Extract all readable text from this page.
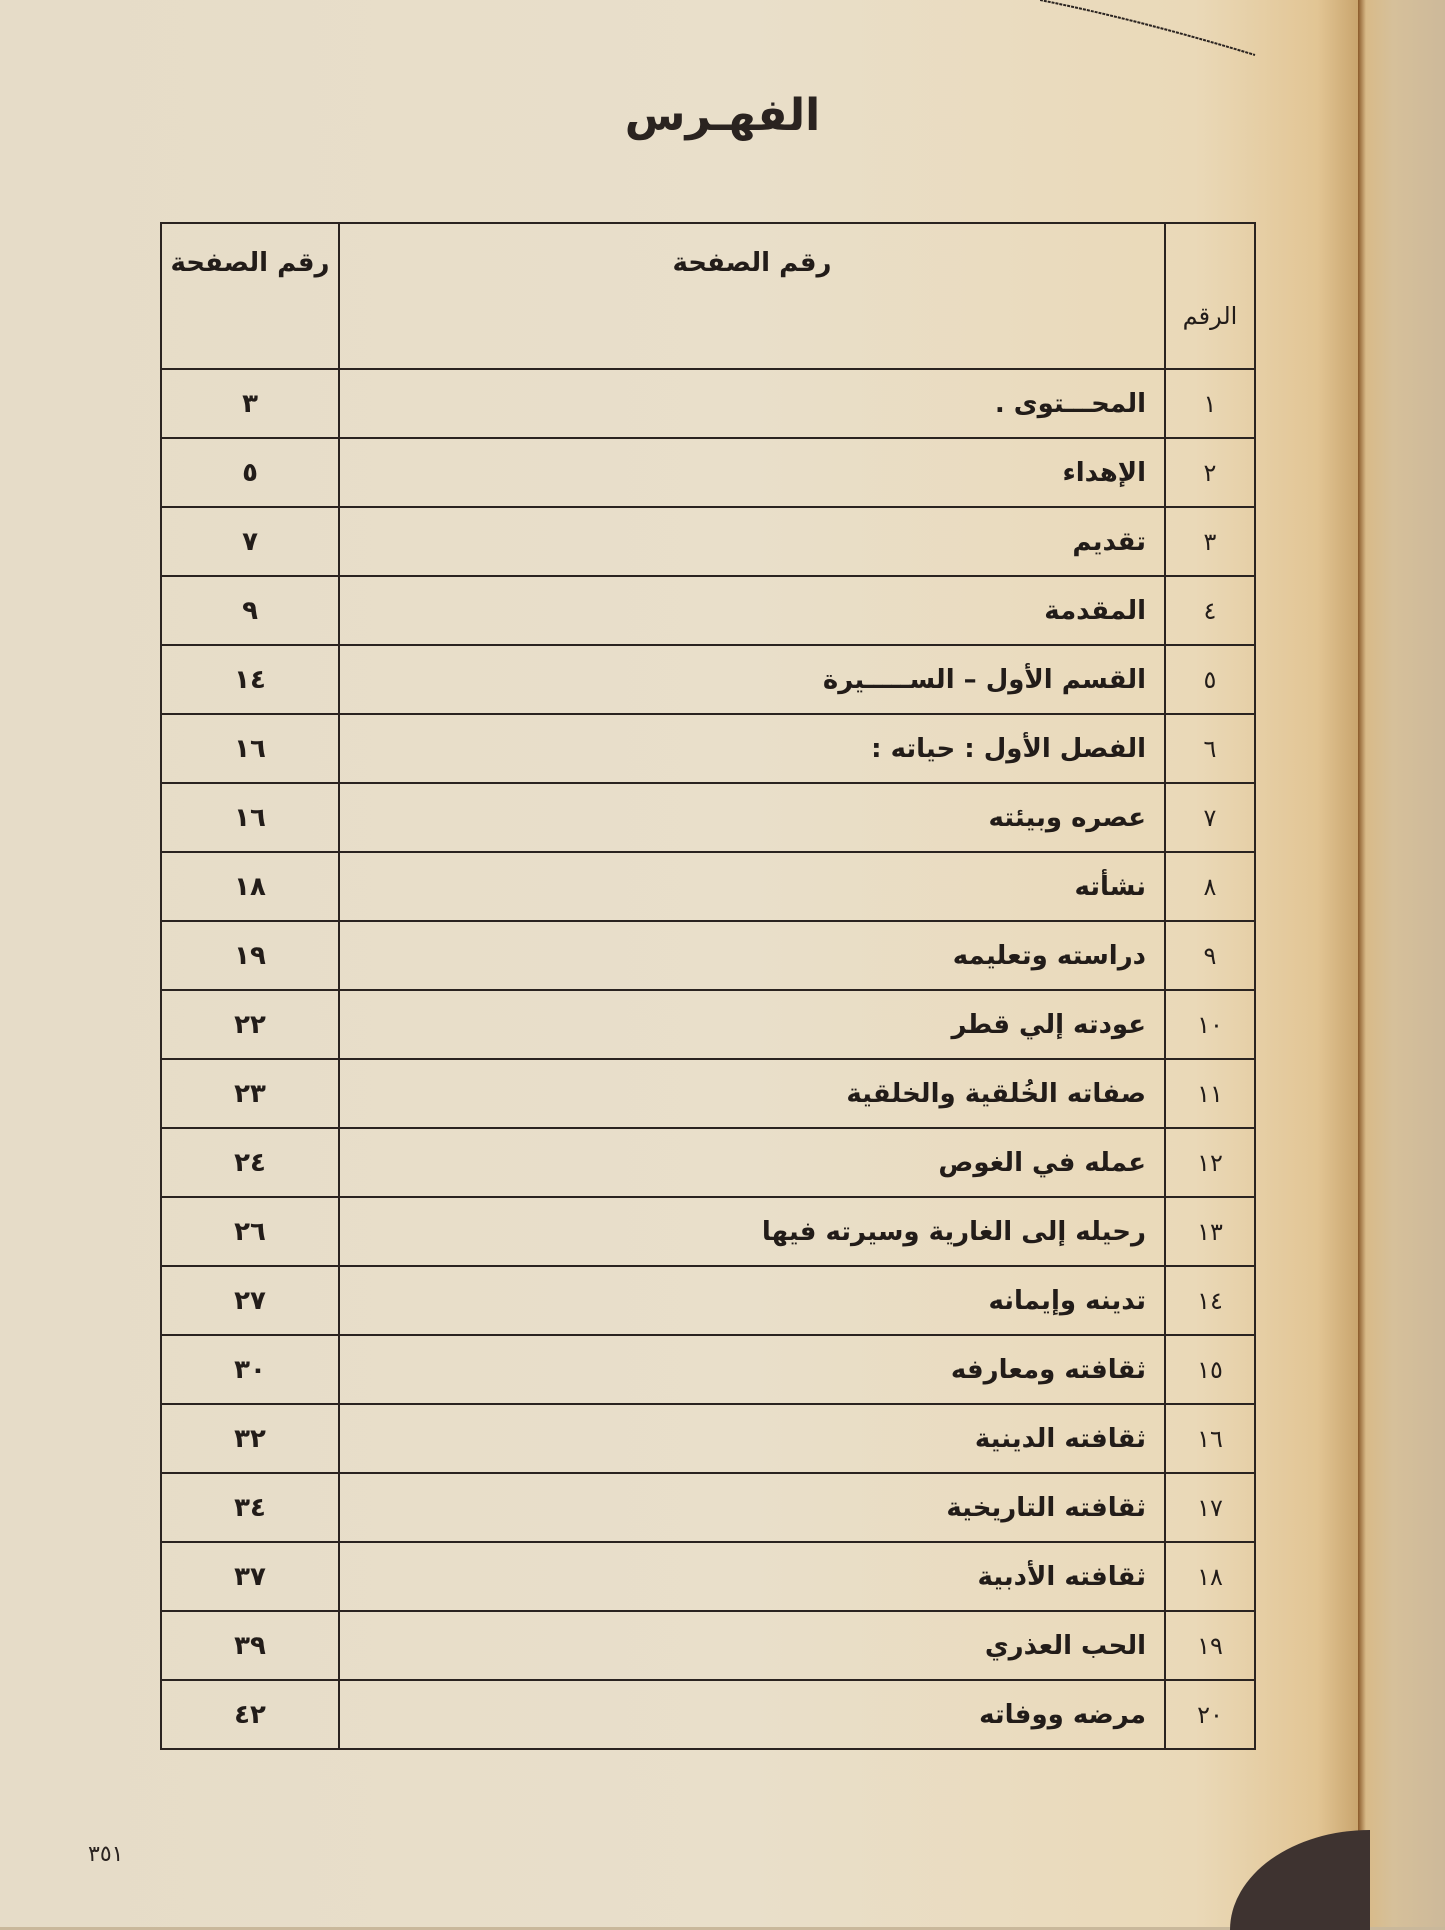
الفهـرس
الرقم	رقم الصفحة	رقم الصفحة
١	المحـــتوى .	٣
٢	الإهداء	٥
٣	تقديم	٧
٤	المقدمة	٩
٥	القسم الأول – الســـــيرة	١٤
٦	الفصل الأول : حياته :	١٦
٧	عصره وبيئته	١٦
٨	نشأته	١٨
٩	دراسته وتعليمه	١٩
١٠	عودته إلي قطر	٢٢
١١	صفاته الخُلقية والخلقية	٢٣
١٢	عمله في الغوص	٢٤
١٣	رحيله إلى الغارية وسيرته فيها	٢٦
١٤	تدينه وإيمانه	٢٧
١٥	ثقافته ومعارفه	٣٠
١٦	ثقافته الدينية	٣٢
١٧	ثقافته التاريخية	٣٤
١٨	ثقافته الأدبية	٣٧
١٩	الحب العذري	٣٩
٢٠	مرضه ووفاته	٤٢
٣٥١
